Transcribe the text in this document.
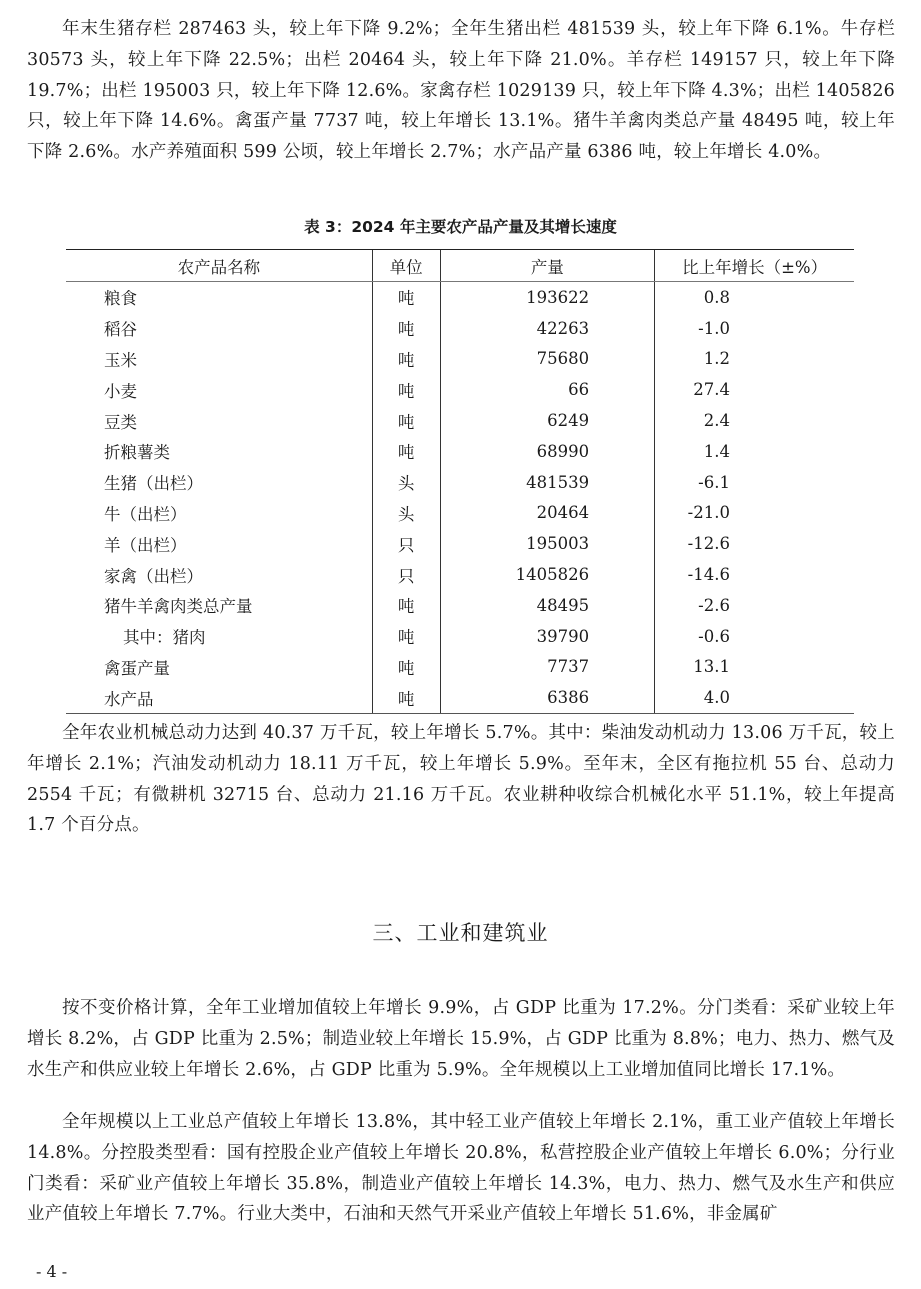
年末生猪存栏 287463 头，较上年下降 9.2%；全年生猪出栏 481539 头，较上年下降 6.1%。牛存栏 30573 头，较上年下降 22.5%；出栏 20464 头，较上年下降 21.0%。羊存栏 149157 只，较上年下降 19.7%；出栏 195003 只，较上年下降 12.6%。家禽存栏 1029139 只，较上年下降 4.3%；出栏 1405826 只，较上年下降 14.6%。禽蛋产量 7737 吨，较上年增长 13.1%。猪牛羊禽肉类总产量 48495 吨，较上年下降 2.6%。水产养殖面积 599 公顷，较上年增长 2.7%；水产品产量 6386 吨，较上年增长 4.0%。
表 3：2024 年主要农产品产量及其增长速度
农产品名称	单位	产量	比上年增长（±%）
粮食	吨	193622	0.8
稻谷	吨	42263	-1.0
玉米	吨	75680	1.2
小麦	吨	66	27.4
豆类	吨	6249	2.4
折粮薯类	吨	68990	1.4
生猪（出栏）	头	481539	-6.1
牛（出栏）	头	20464	-21.0
羊（出栏）	只	195003	-12.6
家禽（出栏）	只	1405826	-14.6
猪牛羊禽肉类总产量	吨	48495	-2.6
其中：猪肉	吨	39790	-0.6
禽蛋产量	吨	7737	13.1
水产品	吨	6386	4.0
全年农业机械总动力达到 40.37 万千瓦，较上年增长 5.7%。其中：柴油发动机动力 13.06 万千瓦，较上年增长 2.1%；汽油发动机动力 18.11 万千瓦，较上年增长 5.9%。至年末，全区有拖拉机 55 台、总动力 2554 千瓦；有微耕机 32715 台、总动力 21.16 万千瓦。农业耕种收综合机械化水平 51.1%，较上年提高 1.7 个百分点。
三、工业和建筑业
按不变价格计算，全年工业增加值较上年增长 9.9%，占 GDP 比重为 17.2%。分门类看：采矿业较上年增长 8.2%，占 GDP 比重为 2.5%；制造业较上年增长 15.9%，占 GDP 比重为 8.8%；电力、热力、燃气及水生产和供应业较上年增长 2.6%，占 GDP 比重为 5.9%。全年规模以上工业增加值同比增长 17.1%。
全年规模以上工业总产值较上年增长 13.8%，其中轻工业产值较上年增长 2.1%，重工业产值较上年增长 14.8%。分控股类型看：国有控股企业产值较上年增长 20.8%，私营控股企业产值较上年增长 6.0%；分行业门类看：采矿业产值较上年增长 35.8%，制造业产值较上年增长 14.3%，电力、热力、燃气及水生产和供应业产值较上年增长 7.7%。行业大类中，石油和天然气开采业产值较上年增长 51.6%，非金属矿
- 4 -
